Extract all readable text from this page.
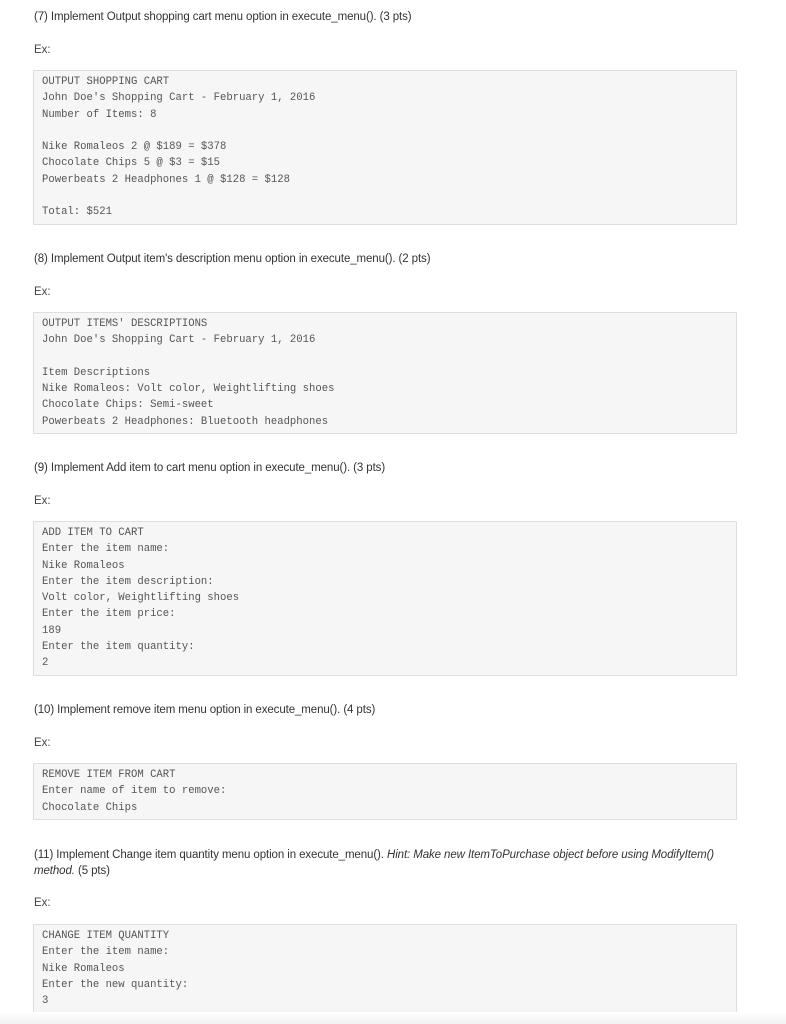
(7) Implement Output shopping cart menu option in execute_menu(). (3 pts)
Ex:
OUTPUT SHOPPING CART
John Doe's Shopping Cart - February 1, 2016
Number of Items: 8
Nike Romaleos 2 @ $189 = $378
Chocolate Chips 5 @ $3 = $15
Powerbeats 2 Headphones 1 @ $128 = $128
Total: $521
(8) Implement Output item's description menu option in execute_menu(). (2 pts)
Ex:
OUTPUT ITEMS' DESCRIPTIONS
John Doe's Shopping Cart - February 1, 2016
Item Descriptions
Nike Romaleos: Volt color, Weightlifting shoes
Chocolate Chips: Semi-sweet
Powerbeats 2 Headphones: Bluetooth headphones
(9) Implement Add item to cart menu option in execute_menu(). (3 pts)
Ex:
ADD ITEM TO CART
Enter the item name:
Nike Romaleos
Enter the item description:
Volt color, Weightlifting shoes
Enter the item price:
189
Enter the item quantity:
2
(10) Implement remove item menu option in execute_menu(). (4 pts)
Ex:
REMOVE ITEM FROM CART
Enter name of item to remove:
Chocolate Chips
(11) Implement Change item quantity menu option in execute_menu(). Hint: Make new ItemToPurchase object before using ModifyItem() method. (5 pts)
Ex:
CHANGE ITEM QUANTITY
Enter the item name:
Nike Romaleos
Enter the new quantity:
3
